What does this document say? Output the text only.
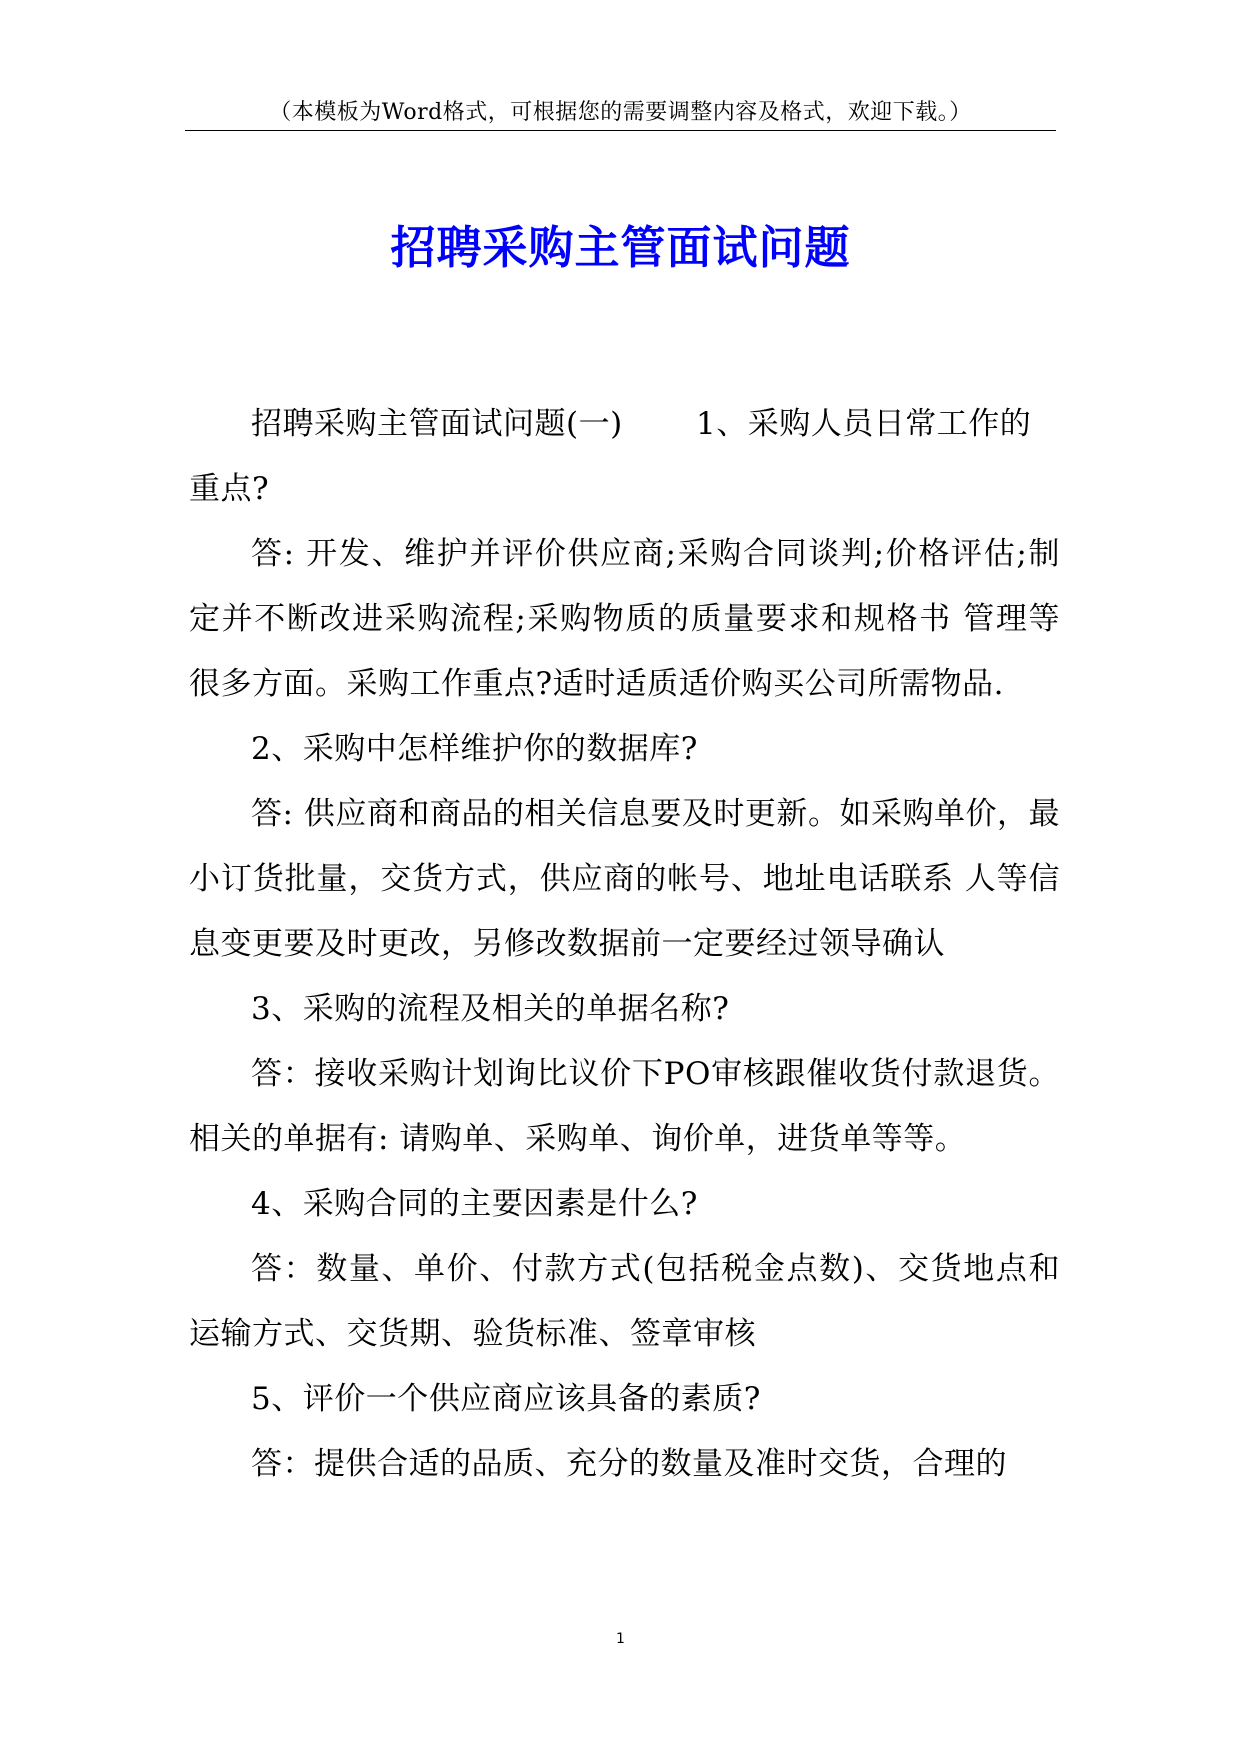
（本模板为Word格式，可根据您的需要调整内容及格式，欢迎下载。）
招聘采购主管面试问题

招聘采购主管面试问题(一)　　 1、采购人员日常工作的重点?

答: 开发、维护并评价供应商;采购合同谈判;价格评估;制定并不断改进采购流程;采购物质的质量要求和规格书 管理等很多方面。采购工作重点?适时适质适价购买公司所需物品.

2、采购中怎样维护你的数据库?

答: 供应商和商品的相关信息要及时更新。如采购单价，最小订货批量，交货方式，供应商的帐号、地址电话联系 人等信息变更要及时更改，另修改数据前一定要经过领导确认

3、采购的流程及相关的单据名称?

答：接收采购计划询比议价下PO审核跟催收货付款退货。相关的单据有: 请购单、采购单、询价单，进货单等等。

4、采购合同的主要因素是什么?

答：数量、单价、付款方式(包括税金点数)、交货地点和运输方式、交货期、验货标准、签章审核

5、评价一个供应商应该具备的素质?

答：提供合适的品质、充分的数量及准时交货，合理的

1
